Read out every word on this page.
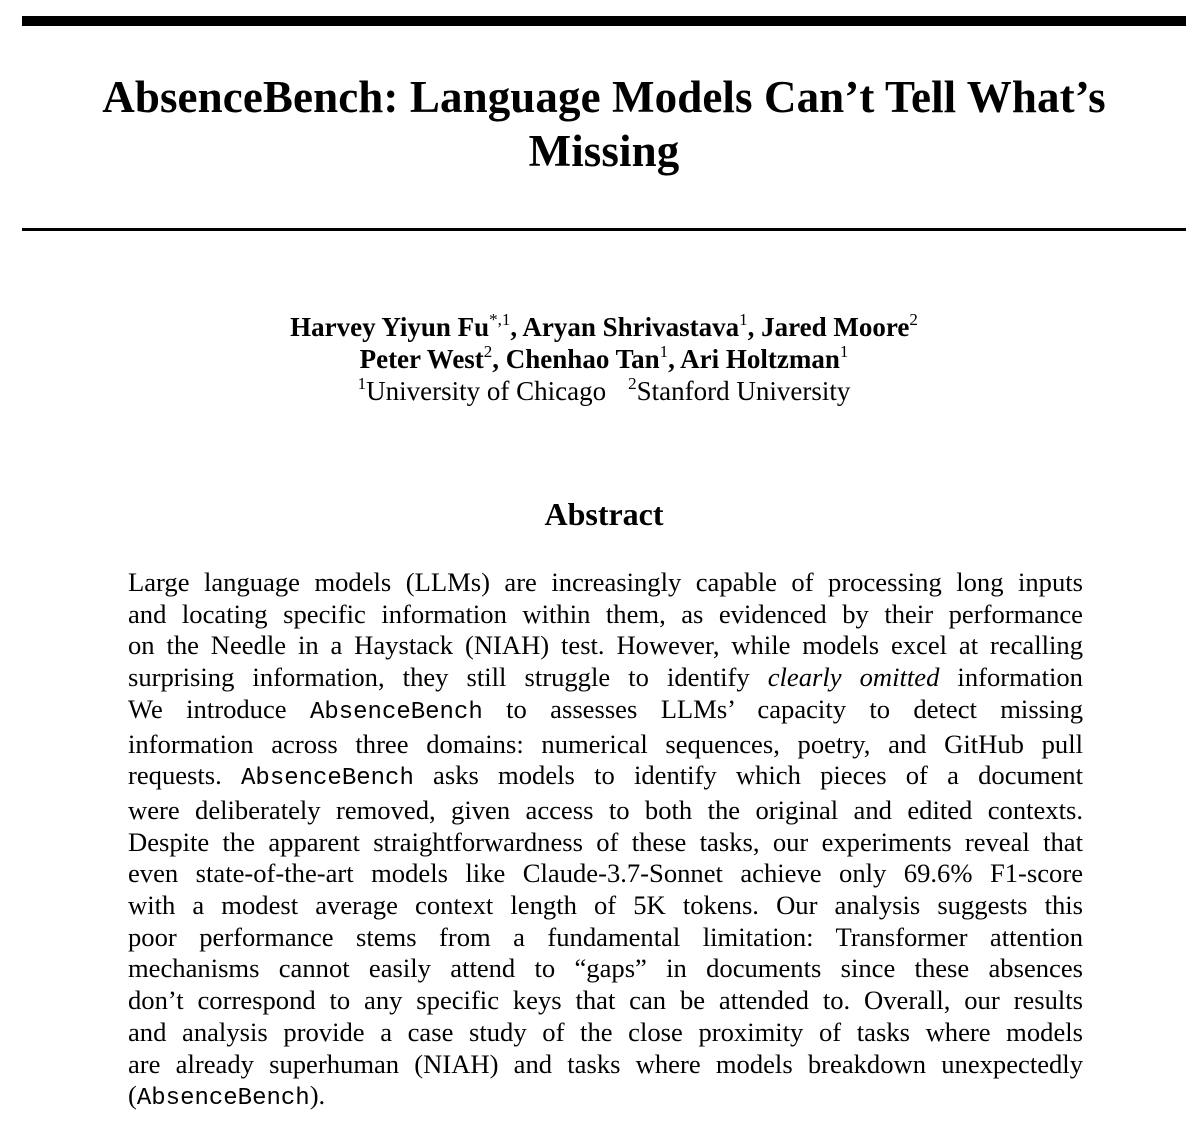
AbsenceBench: Language Models Can’t Tell What’s
Missing
Harvey Yiyun $Fu^{*,1}$, Aryan Shrivastava$^1$, Jared Moore$^2$
Peter West$^2$, Chenhao Tan$^1$, Ari Holtzman$^1$
$^1$University of Chicago $^2$Stanford University
Abstract
Large language models (LLMs) are increasingly capable of processing long inputs
and locating specific information within them, as evidenced by their performance
on the Needle in a Haystack (NIAH) test. However, while models excel at recalling
surprising information, they still struggle to identify clearly omitted information
We introduce AbsenceBench to assesses LLMs’ capacity to detect missing
information across three domains: numerical sequences, poetry, and GitHub pull
requests. AbsenceBench asks models to identify which pieces of a document
were deliberately removed, given access to both the original and edited contexts.
Despite the apparent straightforwardness of these tasks, our experiments reveal that
even state-of-the-art models like Claude-3.7-Sonnet achieve only 69.6% F1-score
with a modest average context length of 5K tokens. Our analysis suggests this
poor performance stems from a fundamental limitation: Transformer attention
mechanisms cannot easily attend to “gaps” in documents since these absences
don’t correspond to any specific keys that can be attended to. Overall, our results
and analysis provide a case study of the close proximity of tasks where models
are already superhuman (NIAH) and tasks where models breakdown unexpectedly
(AbsenceBench).
